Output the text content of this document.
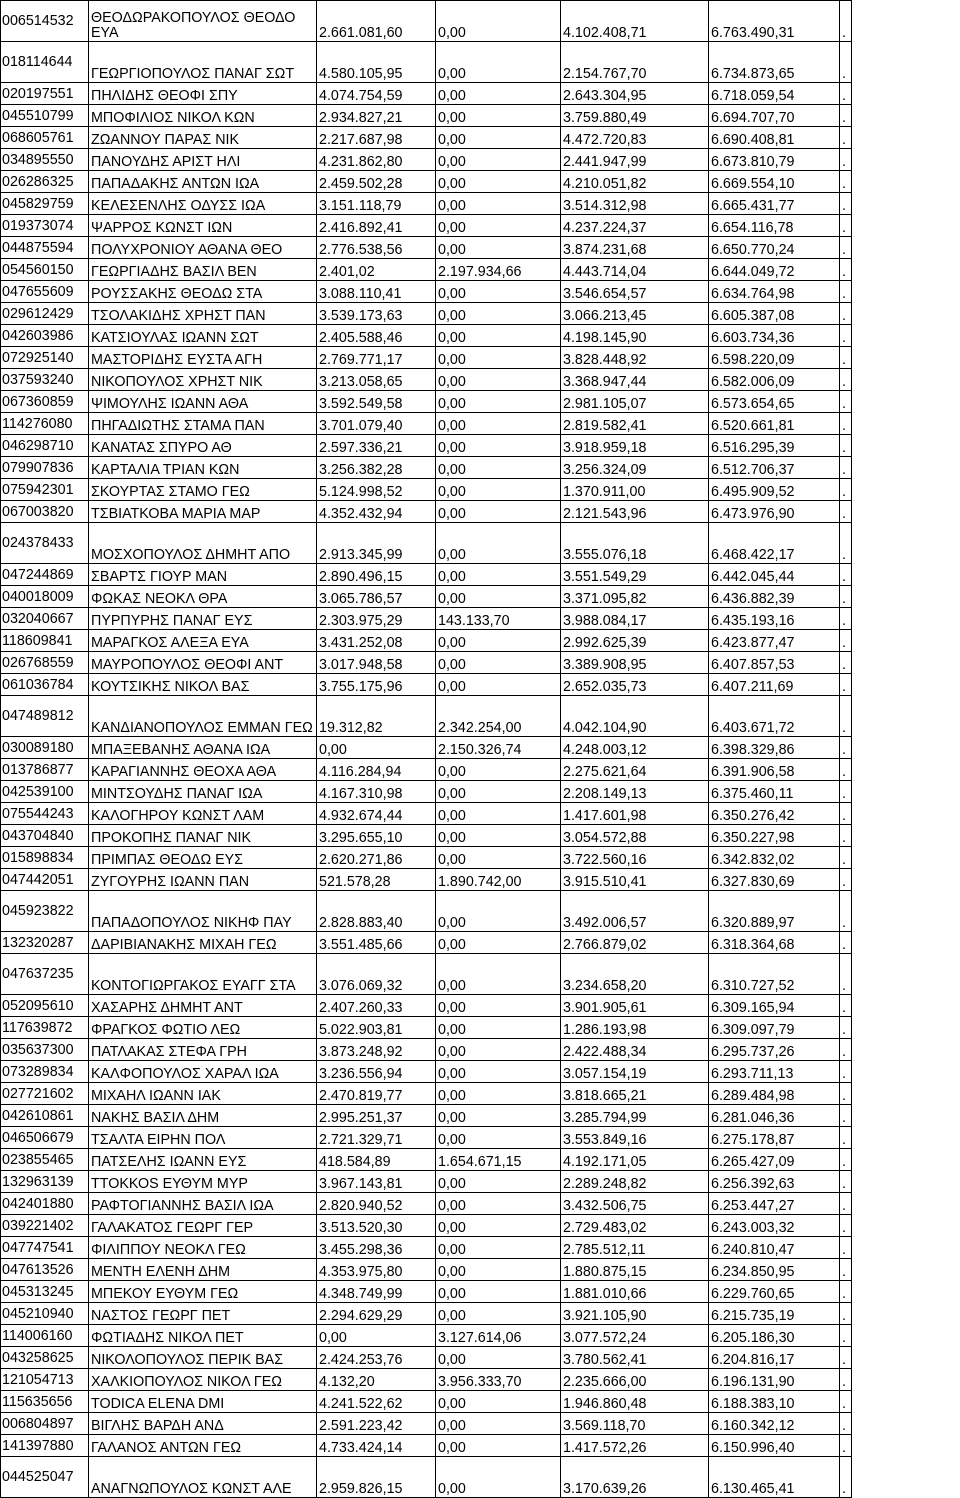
006514532	ΘΕΟΔΩΡΑΚΟΠΟΥΛΟΣ ΘΕΟΔΟ ΕΥΑ	2.661.081,60	0,00	4.102.408,71	6.763.490,31	.
018114644	ΓΕΩΡΓΙΟΠΟΥΛΟΣ ΠΑΝΑΓ ΣΩΤ	4.580.105,95	0,00	2.154.767,70	6.734.873,65	.
020197551	ΠΗΛΙΔΗΣ ΘΕΟΦΙ ΣΠΥ	4.074.754,59	0,00	2.643.304,95	6.718.059,54	.
045510799	ΜΠΟΦΙΛΙΟΣ ΝΙΚΟΛ ΚΩΝ	2.934.827,21	0,00	3.759.880,49	6.694.707,70	.
068605761	ΖΩΑΝΝΟΥ ΠΑΡΑΣ ΝΙΚ	2.217.687,98	0,00	4.472.720,83	6.690.408,81	.
034895550	ΠΑΝΟΥΔΗΣ ΑΡΙΣΤ ΗΛΙ	4.231.862,80	0,00	2.441.947,99	6.673.810,79	.
026286325	ΠΑΠΑΔΑΚΗΣ ΑΝΤΩΝ ΙΩΑ	2.459.502,28	0,00	4.210.051,82	6.669.554,10	.
045829759	ΚΕΛΕΣΕΝΛΗΣ ΟΔΥΣΣ ΙΩΑ	3.151.118,79	0,00	3.514.312,98	6.665.431,77	.
019373074	ΨΑΡΡΟΣ ΚΩΝΣΤ ΙΩΝ	2.416.892,41	0,00	4.237.224,37	6.654.116,78	.
044875594	ΠΟΛΥΧΡΟΝΙΟΥ ΑΘΑΝΑ ΘΕΟ	2.776.538,56	0,00	3.874.231,68	6.650.770,24	.
054560150	ΓΕΩΡΓΙΑΔΗΣ ΒΑΣΙΛ ΒΕΝ	2.401,02	2.197.934,66	4.443.714,04	6.644.049,72	.
047655609	ΡΟΥΣΣΑΚΗΣ ΘΕΟΔΩ ΣΤΑ	3.088.110,41	0,00	3.546.654,57	6.634.764,98	.
029612429	ΤΣΟΛΑΚΙΔΗΣ ΧΡΗΣΤ ΠΑΝ	3.539.173,63	0,00	3.066.213,45	6.605.387,08	.
042603986	ΚΑΤΣΙΟΥΛΑΣ ΙΩΑΝΝ ΣΩΤ	2.405.588,46	0,00	4.198.145,90	6.603.734,36	.
072925140	ΜΑΣΤΟΡΙΔΗΣ ΕΥΣΤΑ ΑΓΗ	2.769.771,17	0,00	3.828.448,92	6.598.220,09	.
037593240	ΝΙΚΟΠΟΥΛΟΣ ΧΡΗΣΤ ΝΙΚ	3.213.058,65	0,00	3.368.947,44	6.582.006,09	.
067360859	ΨΙΜΟΥΛΗΣ ΙΩΑΝΝ ΑΘΑ	3.592.549,58	0,00	2.981.105,07	6.573.654,65	.
114276080	ΠΗΓΑΔΙΩΤΗΣ ΣΤΑΜΑ ΠΑΝ	3.701.079,40	0,00	2.819.582,41	6.520.661,81	.
046298710	ΚΑΝΑΤΑΣ ΣΠΥΡΟ ΑΘ	2.597.336,21	0,00	3.918.959,18	6.516.295,39	.
079907836	ΚΑΡΤΑΛΙΑ ΤΡΙΑΝ ΚΩΝ	3.256.382,28	0,00	3.256.324,09	6.512.706,37	.
075942301	ΣΚΟΥΡΤΑΣ ΣΤΑΜΟ ΓΕΩ	5.124.998,52	0,00	1.370.911,00	6.495.909,52	.
067003820	ΤΣΒΙΑΤΚΟΒΑ ΜΑΡΙΑ ΜΑΡ	4.352.432,94	0,00	2.121.543,96	6.473.976,90	.
024378433	ΜΟΣΧΟΠΟΥΛΟΣ ΔΗΜΗΤ ΑΠΟ	2.913.345,99	0,00	3.555.076,18	6.468.422,17	.
047244869	ΣΒΑΡΤΣ ΓΙΟΥΡ ΜΑΝ	2.890.496,15	0,00	3.551.549,29	6.442.045,44	.
040018009	ΦΩΚΑΣ ΝΕΟΚΛ ΘΡΑ	3.065.786,57	0,00	3.371.095,82	6.436.882,39	.
032040667	ΠΥΡΠΥΡΗΣ ΠΑΝΑΓ ΕΥΣ	2.303.975,29	143.133,70	3.988.084,17	6.435.193,16	.
118609841	ΜΑΡΑΓΚΟΣ ΑΛΕΞΑ ΕΥΑ	3.431.252,08	0,00	2.992.625,39	6.423.877,47	.
026768559	ΜΑΥΡΟΠΟΥΛΟΣ ΘΕΟΦΙ ΑΝΤ	3.017.948,58	0,00	3.389.908,95	6.407.857,53	.
061036784	ΚΟΥΤΣΙΚΗΣ ΝΙΚΟΛ ΒΑΣ	3.755.175,96	0,00	2.652.035,73	6.407.211,69	.
047489812	ΚΑΝΔΙΑΝΟΠΟΥΛΟΣ ΕΜΜΑΝ ΓΕΩ	19.312,82	2.342.254,00	4.042.104,90	6.403.671,72	.
030089180	ΜΠΑΞΕΒΑΝΗΣ ΑΘΑΝΑ ΙΩΑ	0,00	2.150.326,74	4.248.003,12	6.398.329,86	.
013786877	ΚΑΡΑΓΙΑΝΝΗΣ ΘΕΟΧΑ ΑΘΑ	4.116.284,94	0,00	2.275.621,64	6.391.906,58	.
042539100	ΜΙΝΤΣΟΥΔΗΣ ΠΑΝΑΓ ΙΩΑ	4.167.310,98	0,00	2.208.149,13	6.375.460,11	.
075544243	ΚΑΛΟΓΗΡΟΥ ΚΩΝΣΤ ΛΑΜ	4.932.674,44	0,00	1.417.601,98	6.350.276,42	.
043704840	ΠΡΟΚΟΠΗΣ ΠΑΝΑΓ ΝΙΚ	3.295.655,10	0,00	3.054.572,88	6.350.227,98	.
015898834	ΠΡΙΜΠΑΣ ΘΕΟΔΩ ΕΥΣ	2.620.271,86	0,00	3.722.560,16	6.342.832,02	.
047442051	ΖΥΓΟΥΡΗΣ ΙΩΑΝΝ ΠΑΝ	521.578,28	1.890.742,00	3.915.510,41	6.327.830,69	.
045923822	ΠΑΠΑΔΟΠΟΥΛΟΣ ΝΙΚΗΦ ΠΑΥ	2.828.883,40	0,00	3.492.006,57	6.320.889,97	.
132320287	ΔΑΡΙΒΙΑΝΑΚΗΣ ΜΙΧΑΗ ΓΕΩ	3.551.485,66	0,00	2.766.879,02	6.318.364,68	.
047637235	ΚΟΝΤΟΓΙΩΡΓΑΚΟΣ ΕΥΑΓΓ ΣΤΑ	3.076.069,32	0,00	3.234.658,20	6.310.727,52	.
052095610	ΧΑΣΑΡΗΣ ΔΗΜΗΤ ΑΝΤ	2.407.260,33	0,00	3.901.905,61	6.309.165,94	.
117639872	ΦΡΑΓΚΟΣ ΦΩΤΙΟ ΛΕΩ	5.022.903,81	0,00	1.286.193,98	6.309.097,79	.
035637300	ΠΑΤΛΑΚΑΣ ΣΤΕΦΑ ΓΡΗ	3.873.248,92	0,00	2.422.488,34	6.295.737,26	.
073289834	ΚΑΛΦΟΠΟΥΛΟΣ ΧΑΡΑΛ ΙΩΑ	3.236.556,94	0,00	3.057.154,19	6.293.711,13	.
027721602	ΜΙΧΑΗΛ ΙΩΑΝΝ ΙΑΚ	2.470.819,77	0,00	3.818.665,21	6.289.484,98	.
042610861	ΝΑΚΗΣ ΒΑΣΙΛ ΔΗΜ	2.995.251,37	0,00	3.285.794,99	6.281.046,36	.
046506679	ΤΣΑΛΤΑ ΕΙΡΗΝ ΠΟΛ	2.721.329,71	0,00	3.553.849,16	6.275.178,87	.
023855465	ΠΑΤΣΕΛΗΣ ΙΩΑΝΝ ΕΥΣ	418.584,89	1.654.671,15	4.192.171,05	6.265.427,09	.
132963139	ΤΤΟΚΚΟS ΕΥΘΥΜ ΜΥΡ	3.967.143,81	0,00	2.289.248,82	6.256.392,63	.
042401880	ΡΑΦΤΟΓΙΑΝΝΗΣ ΒΑΣΙΛ ΙΩΑ	2.820.940,52	0,00	3.432.506,75	6.253.447,27	.
039221402	ΓΑΛΑΚΑΤΟΣ ΓΕΩΡΓ ΓΕΡ	3.513.520,30	0,00	2.729.483,02	6.243.003,32	.
047747541	ΦΙΛΙΠΠΟΥ ΝΕΟΚΛ ΓΕΩ	3.455.298,36	0,00	2.785.512,11	6.240.810,47	.
047613526	ΜΕΝΤΗ ΕΛΕΝΗ ΔΗΜ	4.353.975,80	0,00	1.880.875,15	6.234.850,95	.
045313245	ΜΠΕΚΟΥ ΕΥΘΥΜ ΓΕΩ	4.348.749,99	0,00	1.881.010,66	6.229.760,65	.
045210940	ΝΑΣΤΟΣ ΓΕΩΡΓ ΠΕΤ	2.294.629,29	0,00	3.921.105,90	6.215.735,19	.
114006160	ΦΩΤΙΑΔΗΣ ΝΙΚΟΛ ΠΕΤ	0,00	3.127.614,06	3.077.572,24	6.205.186,30	.
043258625	ΝΙΚΟΛΟΠΟΥΛΟΣ ΠΕΡΙΚ ΒΑΣ	2.424.253,76	0,00	3.780.562,41	6.204.816,17	.
121054713	ΧΑΛΚΙΟΠΟΥΛΟΣ ΝΙΚΟΛ ΓΕΩ	4.132,20	3.956.333,70	2.235.666,00	6.196.131,90	.
115635656	TODICA ELENA DMI	4.241.522,62	0,00	1.946.860,48	6.188.383,10	.
006804897	ΒΙΓΛΗΣ ΒΑΡΔΗ ΑΝΔ	2.591.223,42	0,00	3.569.118,70	6.160.342,12	.
141397880	ΓΑΛΑΝΟΣ ΑΝΤΩΝ ΓΕΩ	4.733.424,14	0,00	1.417.572,26	6.150.996,40	.
044525047	ΑΝΑΓΝΩΠΟΥΛΟΣ ΚΩΝΣΤ ΑΛΕ	2.959.826,15	0,00	3.170.639,26	6.130.465,41	.
